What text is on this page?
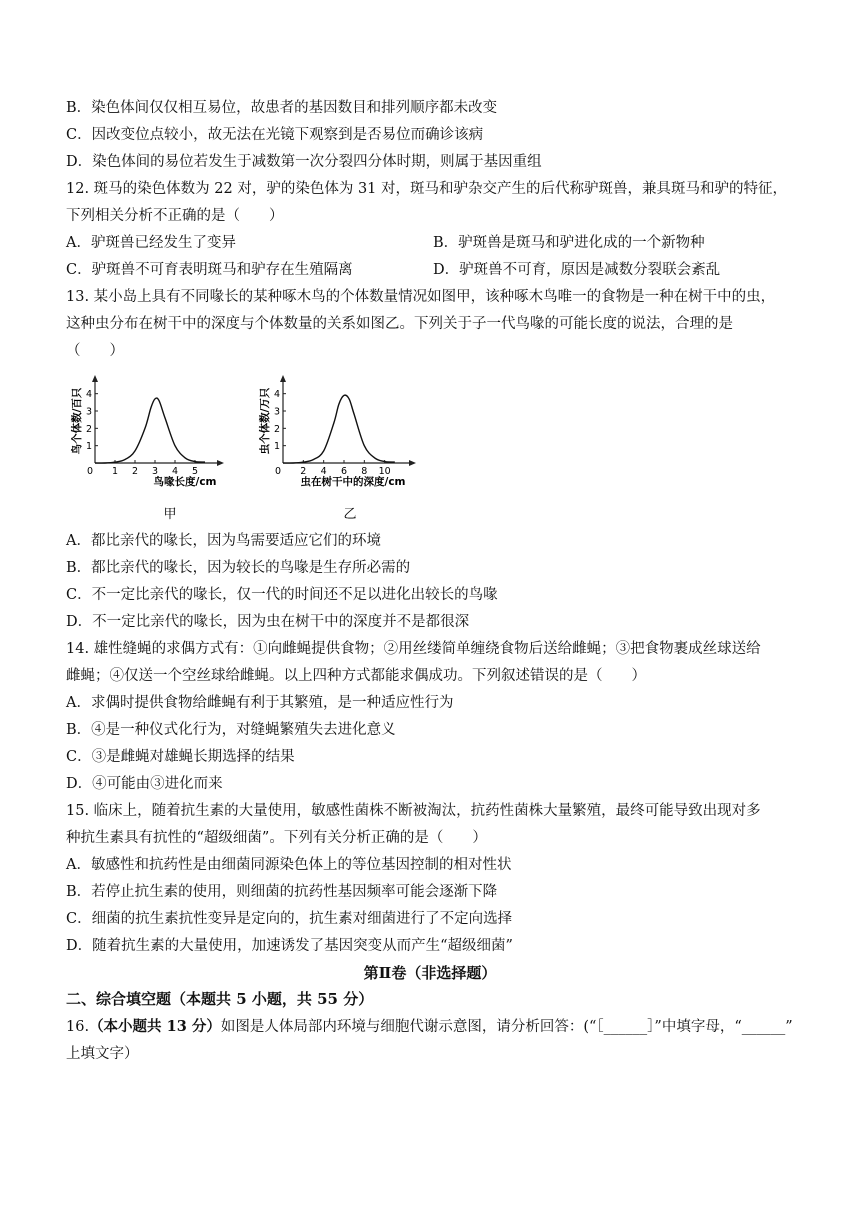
B．染色体间仅仅相互易位，故患者的基因数目和排列顺序都未改变
C．因改变位点较小，故无法在光镜下观察到是否易位而确诊该病
D．染色体间的易位若发生于减数第一次分裂四分体时期，则属于基因重组
12. 斑马的染色体数为 22 对，驴的染色体为 31 对，斑马和驴杂交产生的后代称驴斑兽，兼具斑马和驴的特征，
下列相关分析不正确的是（　　）
A．驴斑兽已经发生了变异	B．驴斑兽是斑马和驴进化成的一个新物种
C．驴斑兽不可育表明斑马和驴存在生殖隔离	D．驴斑兽不可育，原因是减数分裂联会紊乱
13. 某小岛上具有不同喙长的某种啄木鸟的个体数量情况如图甲，该种啄木鸟唯一的食物是一种在树干中的虫，
这种虫分布在树干中的深度与个体数量的关系如图乙。下列关于子一代鸟喙的可能长度的说法，合理的是
（　　）
0 1 2 3 4 5
1
2
3
4
鸟个体数/百只
鸟喙长度/cm
甲
0 2 4 6 8 10
1
2
3
4
虫个体数/万只
虫在树干中的深度/cm
乙
A．都比亲代的喙长，因为鸟需要适应它们的环境
B．都比亲代的喙长，因为较长的鸟喙是生存所必需的
C．不一定比亲代的喙长，仅一代的时间还不足以进化出较长的鸟喙
D．不一定比亲代的喙长，因为虫在树干中的深度并不是都很深
14. 雄性缝蝇的求偶方式有：①向雌蝇提供食物；②用丝缕简单缠绕食物后送给雌蝇；③把食物裹成丝球送给
雌蝇；④仅送一个空丝球给雌蝇。以上四种方式都能求偶成功。下列叙述错误的是（　　）
A．求偶时提供食物给雌蝇有利于其繁殖，是一种适应性行为
B．④是一种仪式化行为，对缝蝇繁殖失去进化意义
C．③是雌蝇对雄蝇长期选择的结果
D．④可能由③进化而来
15. 临床上，随着抗生素的大量使用，敏感性菌株不断被淘汰，抗药性菌株大量繁殖，最终可能导致出现对多
种抗生素具有抗性的“超级细菌”。下列有关分析正确的是（　　）
A．敏感性和抗药性是由细菌同源染色体上的等位基因控制的相对性状
B．若停止抗生素的使用，则细菌的抗药性基因频率可能会逐渐下降
C．细菌的抗生素抗性变异是定向的，抗生素对细菌进行了不定向选择
D．随着抗生素的大量使用，加速诱发了基因突变从而产生“超级细菌”
第Ⅱ卷（非选择题）
二、综合填空题（本题共 5 小题，共 55 分）
16.（本小题共 13 分）如图是人体局部内环境与细胞代谢示意图，请分析回答：(“［______］”中填字母，“______”
上填文字）
